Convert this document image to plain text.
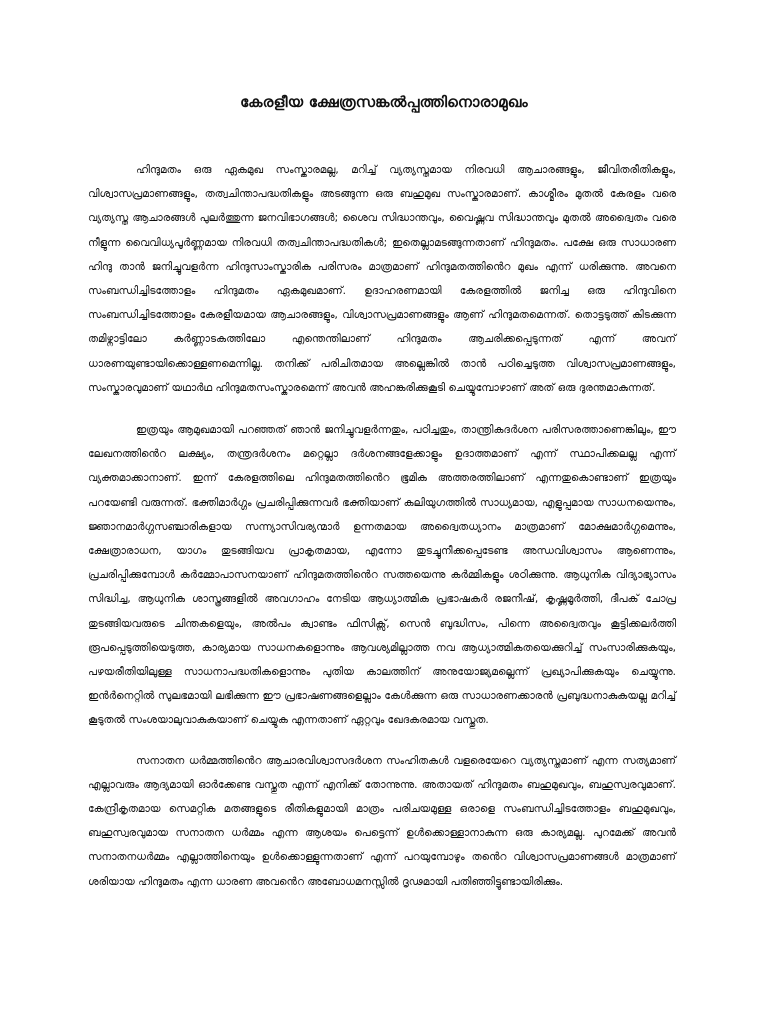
കേരളീയ ക്ഷേത്രസങ്കൽപ്പത്തിനൊരാമുഖം

ഹിന്ദുമതം ഒരു ഏകമുഖ സംസ്കാരമല്ല, മറിച്ച് വ്യത്യസ്തമായ നിരവധി ആചാരങ്ങളും, ജീവിതരീതികളും, വിശ്വാസപ്രമാണങ്ങളും, തത്വചിന്താപദ്ധതികളും അടങ്ങുന്ന ഒരു ബഹുമുഖ സംസ്കാരമാണ്. കാശ്മീരം മുതൽ കേരളം വരെ വ്യത്യസ്ത ആചാരങ്ങൾ പുലർത്തുന്ന ജനവിഭാഗങ്ങൾ; ശൈവ സിദ്ധാന്തവും, വൈഷ്ണവ സിദ്ധാന്തവും മുതൽ അദ്വൈതം വരെ നീളുന്ന വൈവിധ്യപൂർണ്ണമായ നിരവധി തത്വചിന്താപദ്ധതികൾ; ഇതെല്ലാമടങ്ങുന്നതാണ് ഹിന്ദുമതം. പക്ഷേ ഒരു സാധാരണ ഹിന്ദു താൻ ജനിച്ചുവളർന്ന ഹിന്ദുസാംസ്കാരിക പരിസരം മാത്രമാണ് ഹിന്ദുമതത്തിൻെറ മുഖം എന്ന് ധരിക്കുന്നു. അവനെ സംബന്ധിച്ചിടത്തോളം ഹിന്ദുമതം ഏകമുഖമാണ്. ഉദാഹരണമായി കേരളത്തിൽ ജനിച്ച ഒരു ഹിന്ദുവിനെ സംബന്ധിച്ചിടത്തോളം കേരളീയമായ ആചാരങ്ങളും, വിശ്വാസപ്രമാണങ്ങളും ആണ് ഹിന്ദുമതമെന്നത്. തൊട്ടടുത്ത് കിടക്കുന്ന തമിഴ്നാട്ടിലോ കർണ്ണാടകത്തിലോ എന്തെന്തിലാണ് ഹിന്ദുമതം ആചരിക്കപ്പെടുന്നത് എന്ന് അവന് ധാരണയുണ്ടായിക്കൊള്ളണമെന്നില്ല. തനിക്ക് പരിചിതമായ അല്ലെങ്കിൽ താൻ പഠിച്ചെടുത്ത വിശ്വാസപ്രമാണങ്ങളും, സംസ്കാരവുമാണ് യഥാർഥ ഹിന്ദുമതസംസ്കാരമെന്ന് അവൻ അഹങ്കരിക്കുകൂടി ചെയ്യുമ്പോഴാണ് അത് ഒരു ദുരന്തമാകുന്നത്.

ഇത്രയും ആമുഖമായി പറഞ്ഞത് ഞാൻ ജനിച്ചുവളർന്നതും, പഠിച്ചതും, താന്ത്രികദർശന പരിസരത്താണെങ്കിലും, ഈ ലേഖനത്തിൻെറ ലക്ഷ്യം, തന്ത്രദർശനം മറ്റെല്ലാ ദർശനങ്ങളേക്കാളും ഉദാത്തമാണ് എന്ന് സ്ഥാപിക്കലല്ല എന്ന് വ്യക്തമാക്കാനാണ്. ഇന്ന് കേരളത്തിലെ ഹിന്ദുമതത്തിൻെറ ഭൂമിക അത്തരത്തിലാണ് എന്നതുകൊണ്ടാണ് ഇത്രയും പറയേണ്ടി വരുന്നത്. ഭക്തിമാർഗ്ഗം പ്രചരിപ്പിക്കുന്നവർ ഭക്തിയാണ് കലിയുഗത്തിൽ സാധ്യമായ, എളുപ്പമായ സാധനയെന്നും, ജ്ഞാനമാർഗ്ഗസഞ്ചാരികളായ സന്ന്യാസിവര്യന്മാർ ഉന്നതമായ അദ്വൈതധ്യാനം മാത്രമാണ് മോക്ഷമാർഗ്ഗമെന്നും, ക്ഷേത്രാരാധന, യാഗം തുടങ്ങിയവ പ്രാകൃതമായ, എന്നോ തുടച്ചുനീക്കപ്പെടേണ്ട അന്ധവിശ്വാസം ആണെന്നും, പ്രചരിപ്പിക്കുമ്പോൾ കർമ്മോപാസനയാണ് ഹിന്ദുമതത്തിൻെറ സത്തയെന്നു കർമ്മികളും ശഠിക്കുന്നു. ആധുനിക വിദ്യാഭ്യാസം സിദ്ധിച്ച, ആധുനിക ശാസ്ത്രങ്ങളിൽ അവഗാഹം നേടിയ ആധ്യാത്മിക പ്രഭാഷകർ രജനീഷ്, കൃഷ്ണമൂർത്തി, ദീപക് ചോപ്ര തുടങ്ങിയവരുടെ ചിന്തകളെയും, അൽപം ക്വാണ്ടം ഫിസിക്സ്, സെൻ ബുദ്ധിസം, പിന്നെ അദ്വൈതവും കൂട്ടിക്കലർത്തി രൂപപ്പെടുത്തിയെടുത്ത, കാര്യമായ സാധനകളൊന്നും ആവശ്യമില്ലാത്ത നവ ആധ്യാത്മികതയെക്കുറിച്ച് സംസാരിക്കുകയും, പഴയരീതിയിലുള്ള സാധനാപദ്ധതികളൊന്നും പുതിയ കാലത്തിന് അനുയോജ്യമല്ലെന്ന് പ്രഖ്യാപിക്കുകയും ചെയ്യുന്നു. ഇൻർനെറ്റിൽ സുലഭമായി ലഭിക്കുന്ന ഈ പ്രഭാഷണങ്ങളെല്ലാം കേൾക്കുന്ന ഒരു സാധാരണക്കാരൻ പ്രബുദ്ധനാകുകയല്ല മറിച്ച് കൂടുതൽ സംശയാലുവാകുകയാണ് ചെയ്യുക എന്നതാണ് ഏറ്റവും ഖേദകരമായ വസ്തുത.

സനാതന ധർമ്മത്തിൻെറ ആചാരവിശ്വാസദർശന സംഹിതകൾ വളരെയേറെ വ്യത്യസ്തമാണ് എന്ന സത്യമാണ് എല്ലാവരും ആദ്യമായി ഓർക്കേണ്ട വസ്തുത എന്ന് എനിക്ക് തോന്നുന്നു. അതായത് ഹിന്ദുമതം ബഹുമുഖവും, ബഹുസ്വരവുമാണ്. കേന്ദ്രീകൃതമായ സെമറ്റിക മതങ്ങളുടെ രീതികളുമായി മാത്രം പരിചയമുള്ള ഒരാളെ സംബന്ധിച്ചിടത്തോളം ബഹുമുഖവും, ബഹുസ്വരവുമായ സനാതന ധർമ്മം എന്ന ആശയം പെട്ടെന്ന് ഉൾക്കൊള്ളാനാകുന്ന ഒരു കാര്യമല്ല. പുറമേക്ക് അവൻ സനാതനധർമ്മം എല്ലാത്തിനെയും ഉൾക്കൊള്ളുന്നതാണ് എന്ന് പറയുമ്പോഴും തൻെറ വിശ്വാസപ്രമാണങ്ങൾ മാത്രമാണ് ശരിയായ ഹിന്ദുമതം എന്ന ധാരണ അവൻെറ അബോധമനസ്സിൽ ദൃഢമായി പതിഞ്ഞിട്ടുണ്ടായിരിക്കും.
